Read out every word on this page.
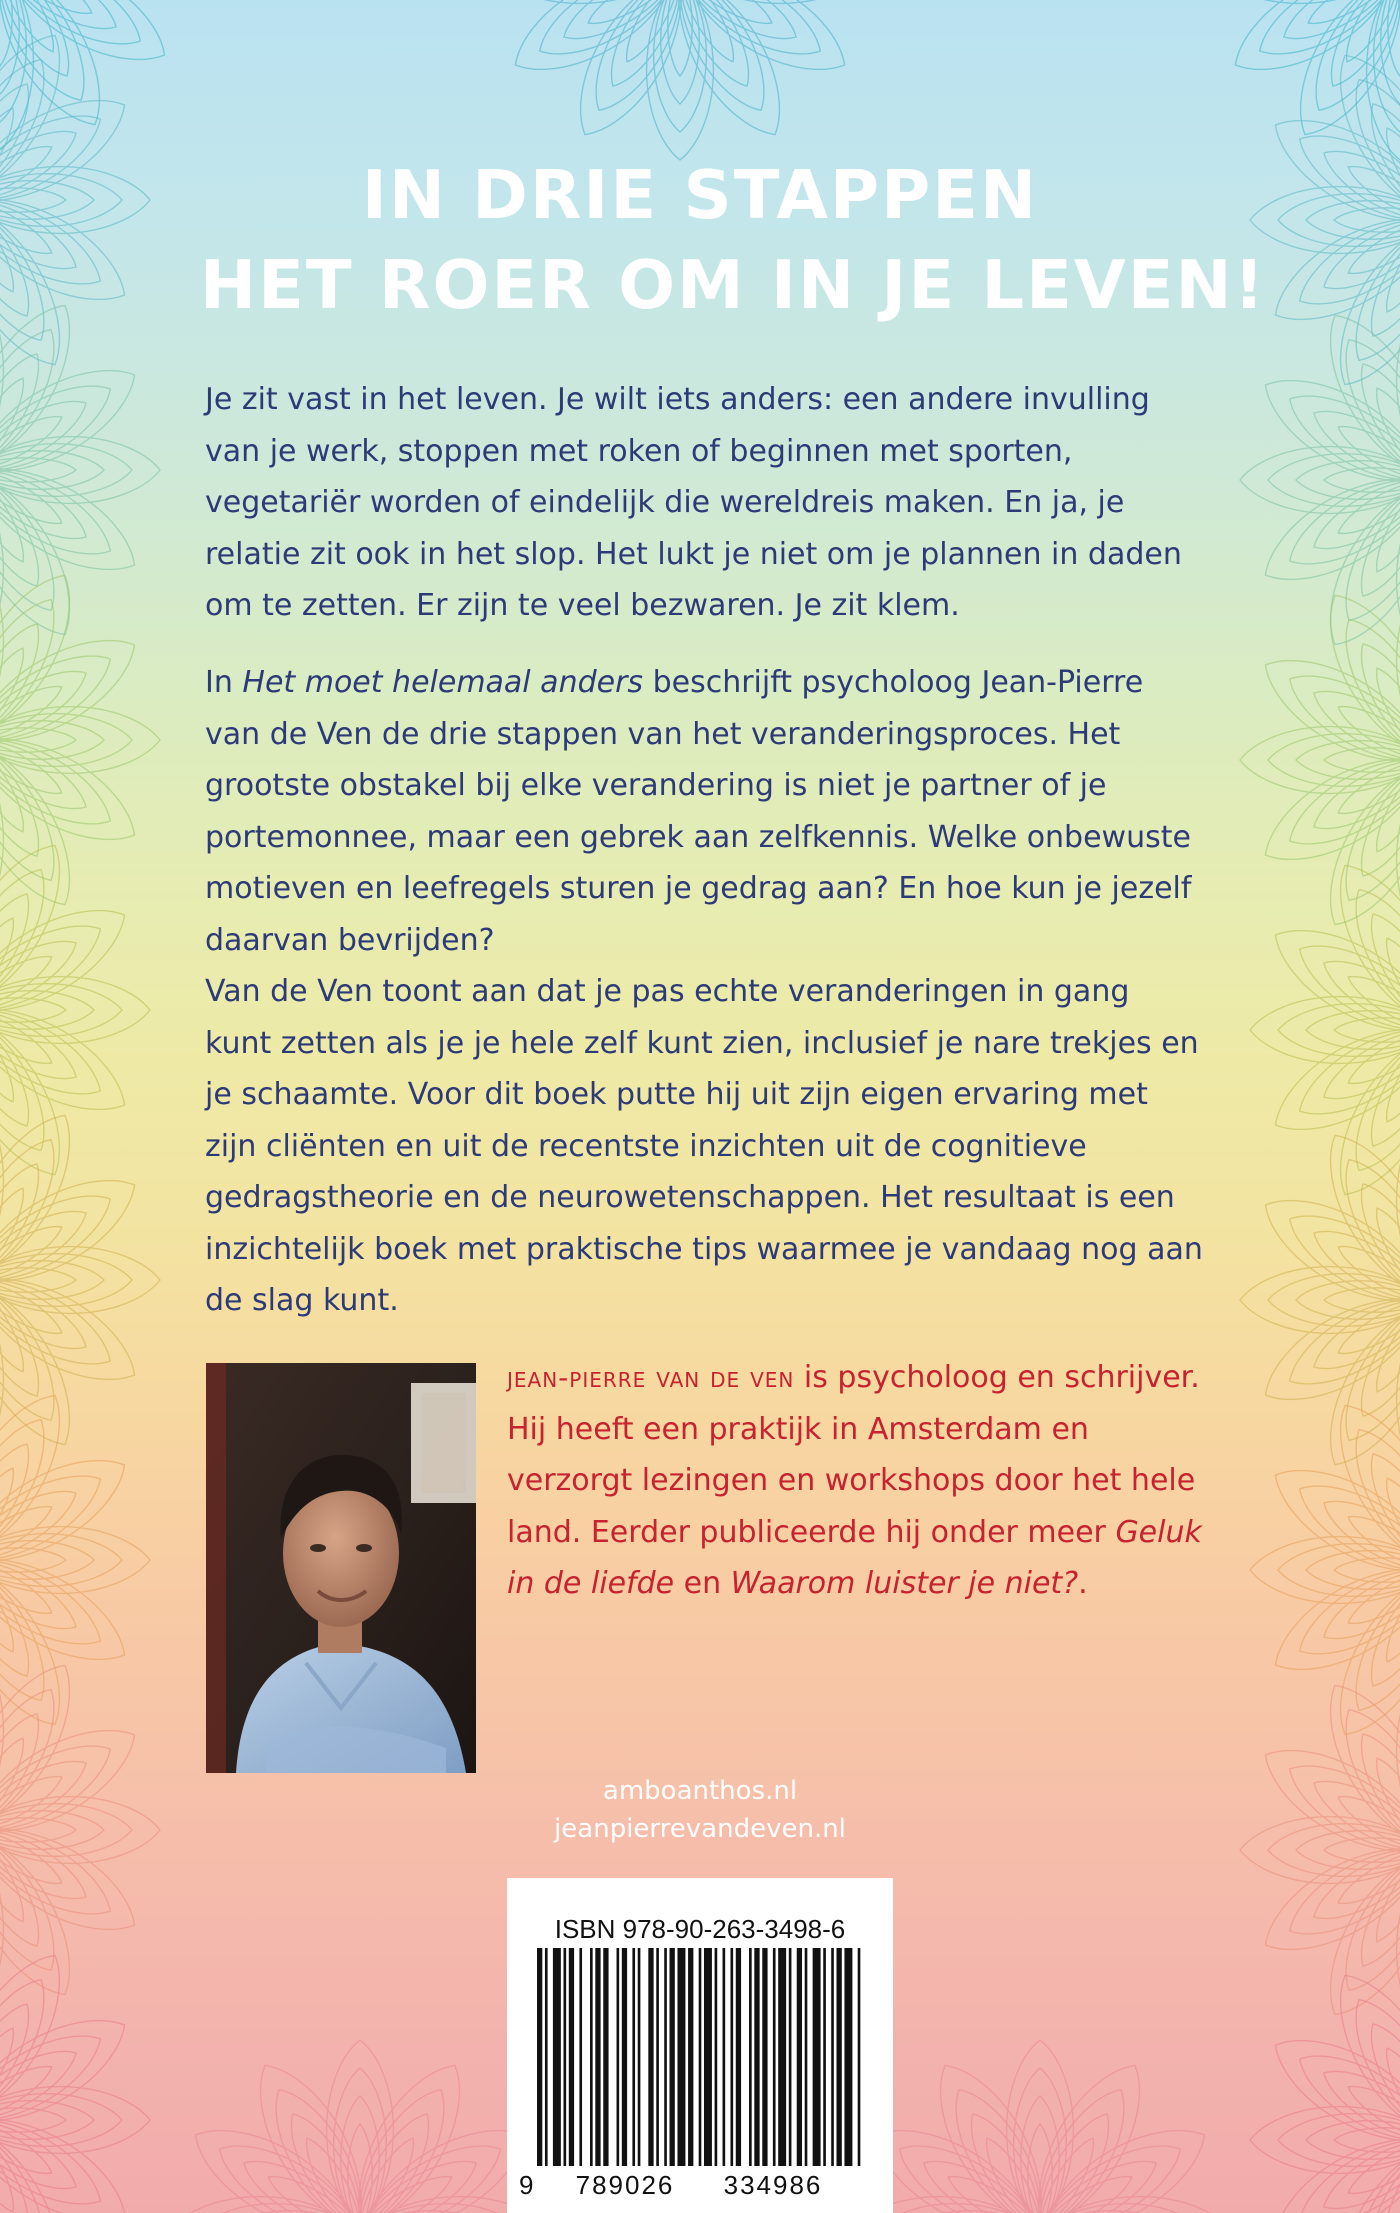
IN DRIE STAPPEN
HET ROER OM IN JE LEVEN!

Je zit vast in het leven. Je wilt iets anders: een andere invulling van je werk, stoppen met roken of beginnen met sporten, vegetariër worden of eindelijk die wereldreis maken. En ja, je relatie zit ook in het slop. Het lukt je niet om je plannen in daden om te zetten. Er zijn te veel bezwaren. Je zit klem.

In Het moet helemaal anders beschrijft psycholoog Jean-Pierre van de Ven de drie stappen van het veranderingsproces. Het grootste obstakel bij elke verandering is niet je partner of je portemonnee, maar een gebrek aan zelfkennis. Welke onbewuste motieven en leefregels sturen je gedrag aan? En hoe kun je jezelf daarvan bevrijden?

Van de Ven toont aan dat je pas echte veranderingen in gang kunt zetten als je je hele zelf kunt zien, inclusief je nare trekjes en je schaamte. Voor dit boek putte hij uit zijn eigen ervaring met zijn cliënten en uit de recentste inzichten uit de cognitieve gedragstheorie en de neurowetenschappen. Het resultaat is een inzichtelijk boek met praktische tips waarmee je vandaag nog aan de slag kunt.

jean-pierre van de ven is psycholoog en schrijver. Hij heeft een praktijk in Amsterdam en verzorgt lezingen en workshops door het hele land. Eerder publiceerde hij onder meer Geluk in de liefde en Waarom luister je niet?.

amboanthos.nl
jeanpierrevandeven.nl
ISBN 978-90-263-3498-6
9 789026 334986
